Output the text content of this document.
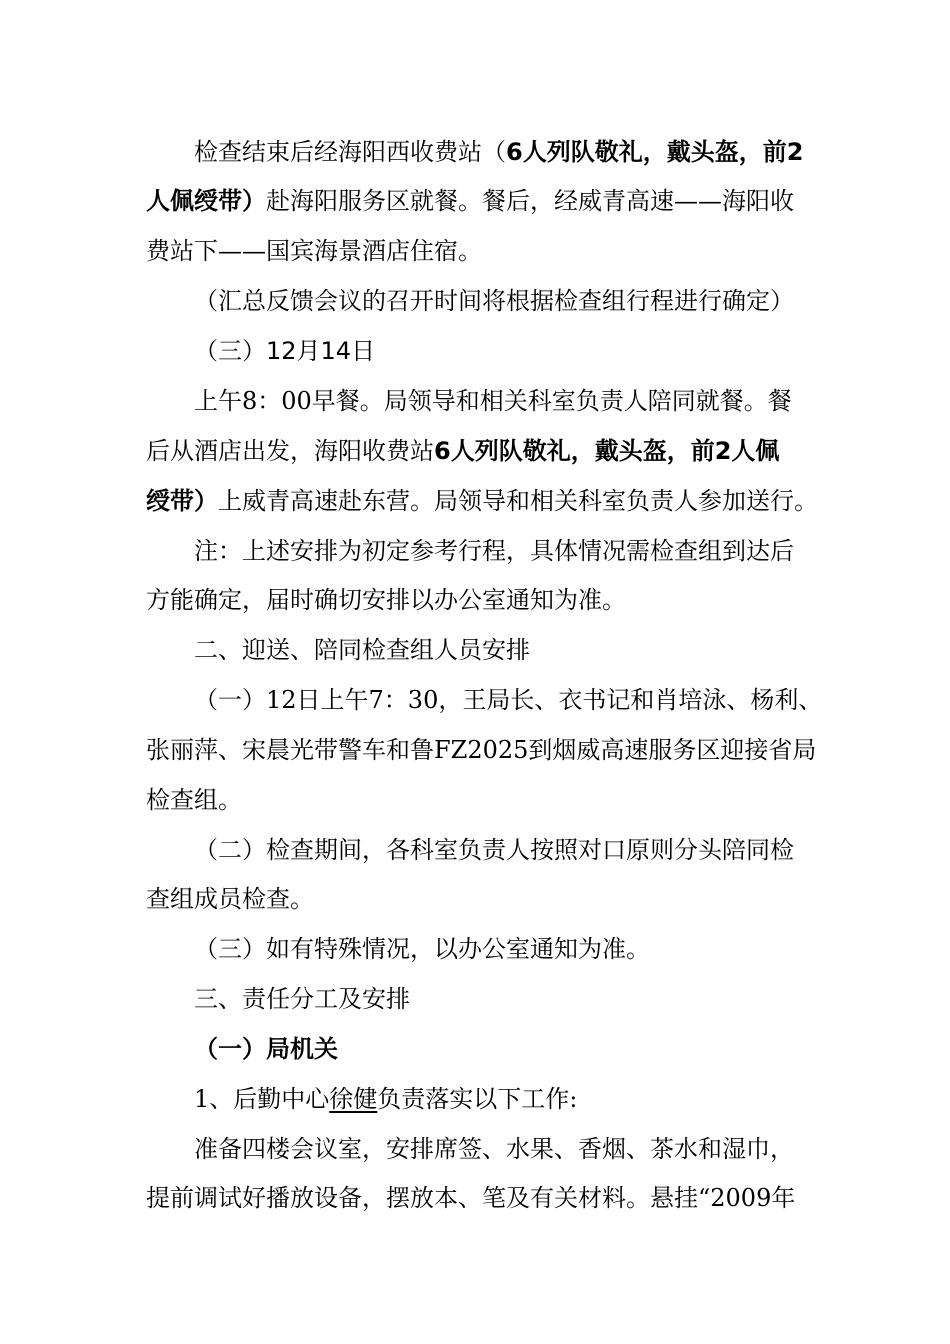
检查结束后经海阳西收费站（6人列队敬礼，戴头盔，前2
人佩绶带）赴海阳服务区就餐。餐后，经威青高速——海阳收
费站下——国宾海景酒店住宿。
（汇总反馈会议的召开时间将根据检查组行程进行确定）
（三）12月14日
上午8：00早餐。局领导和相关科室负责人陪同就餐。餐
后从酒店出发，海阳收费站6人列队敬礼，戴头盔，前2人佩
绶带）上威青高速赴东营。局领导和相关科室负责人参加送行。
注：上述安排为初定参考行程，具体情况需检查组到达后
方能确定，届时确切安排以办公室通知为准。
二、迎送、陪同检查组人员安排
（一）12日上午7：30，王局长、衣书记和肖培泳、杨利、
张丽萍、宋晨光带警车和鲁FZ2025到烟威高速服务区迎接省局
检查组。
（二）检查期间，各科室负责人按照对口原则分头陪同检
查组成员检查。
（三）如有特殊情况，以办公室通知为准。
三、责任分工及安排
（一）局机关
1、后勤中心徐健负责落实以下工作:
准备四楼会议室，安排席签、水果、香烟、茶水和湿巾，
提前调试好播放设备，摆放本、笔及有关材料。悬挂“2009年
